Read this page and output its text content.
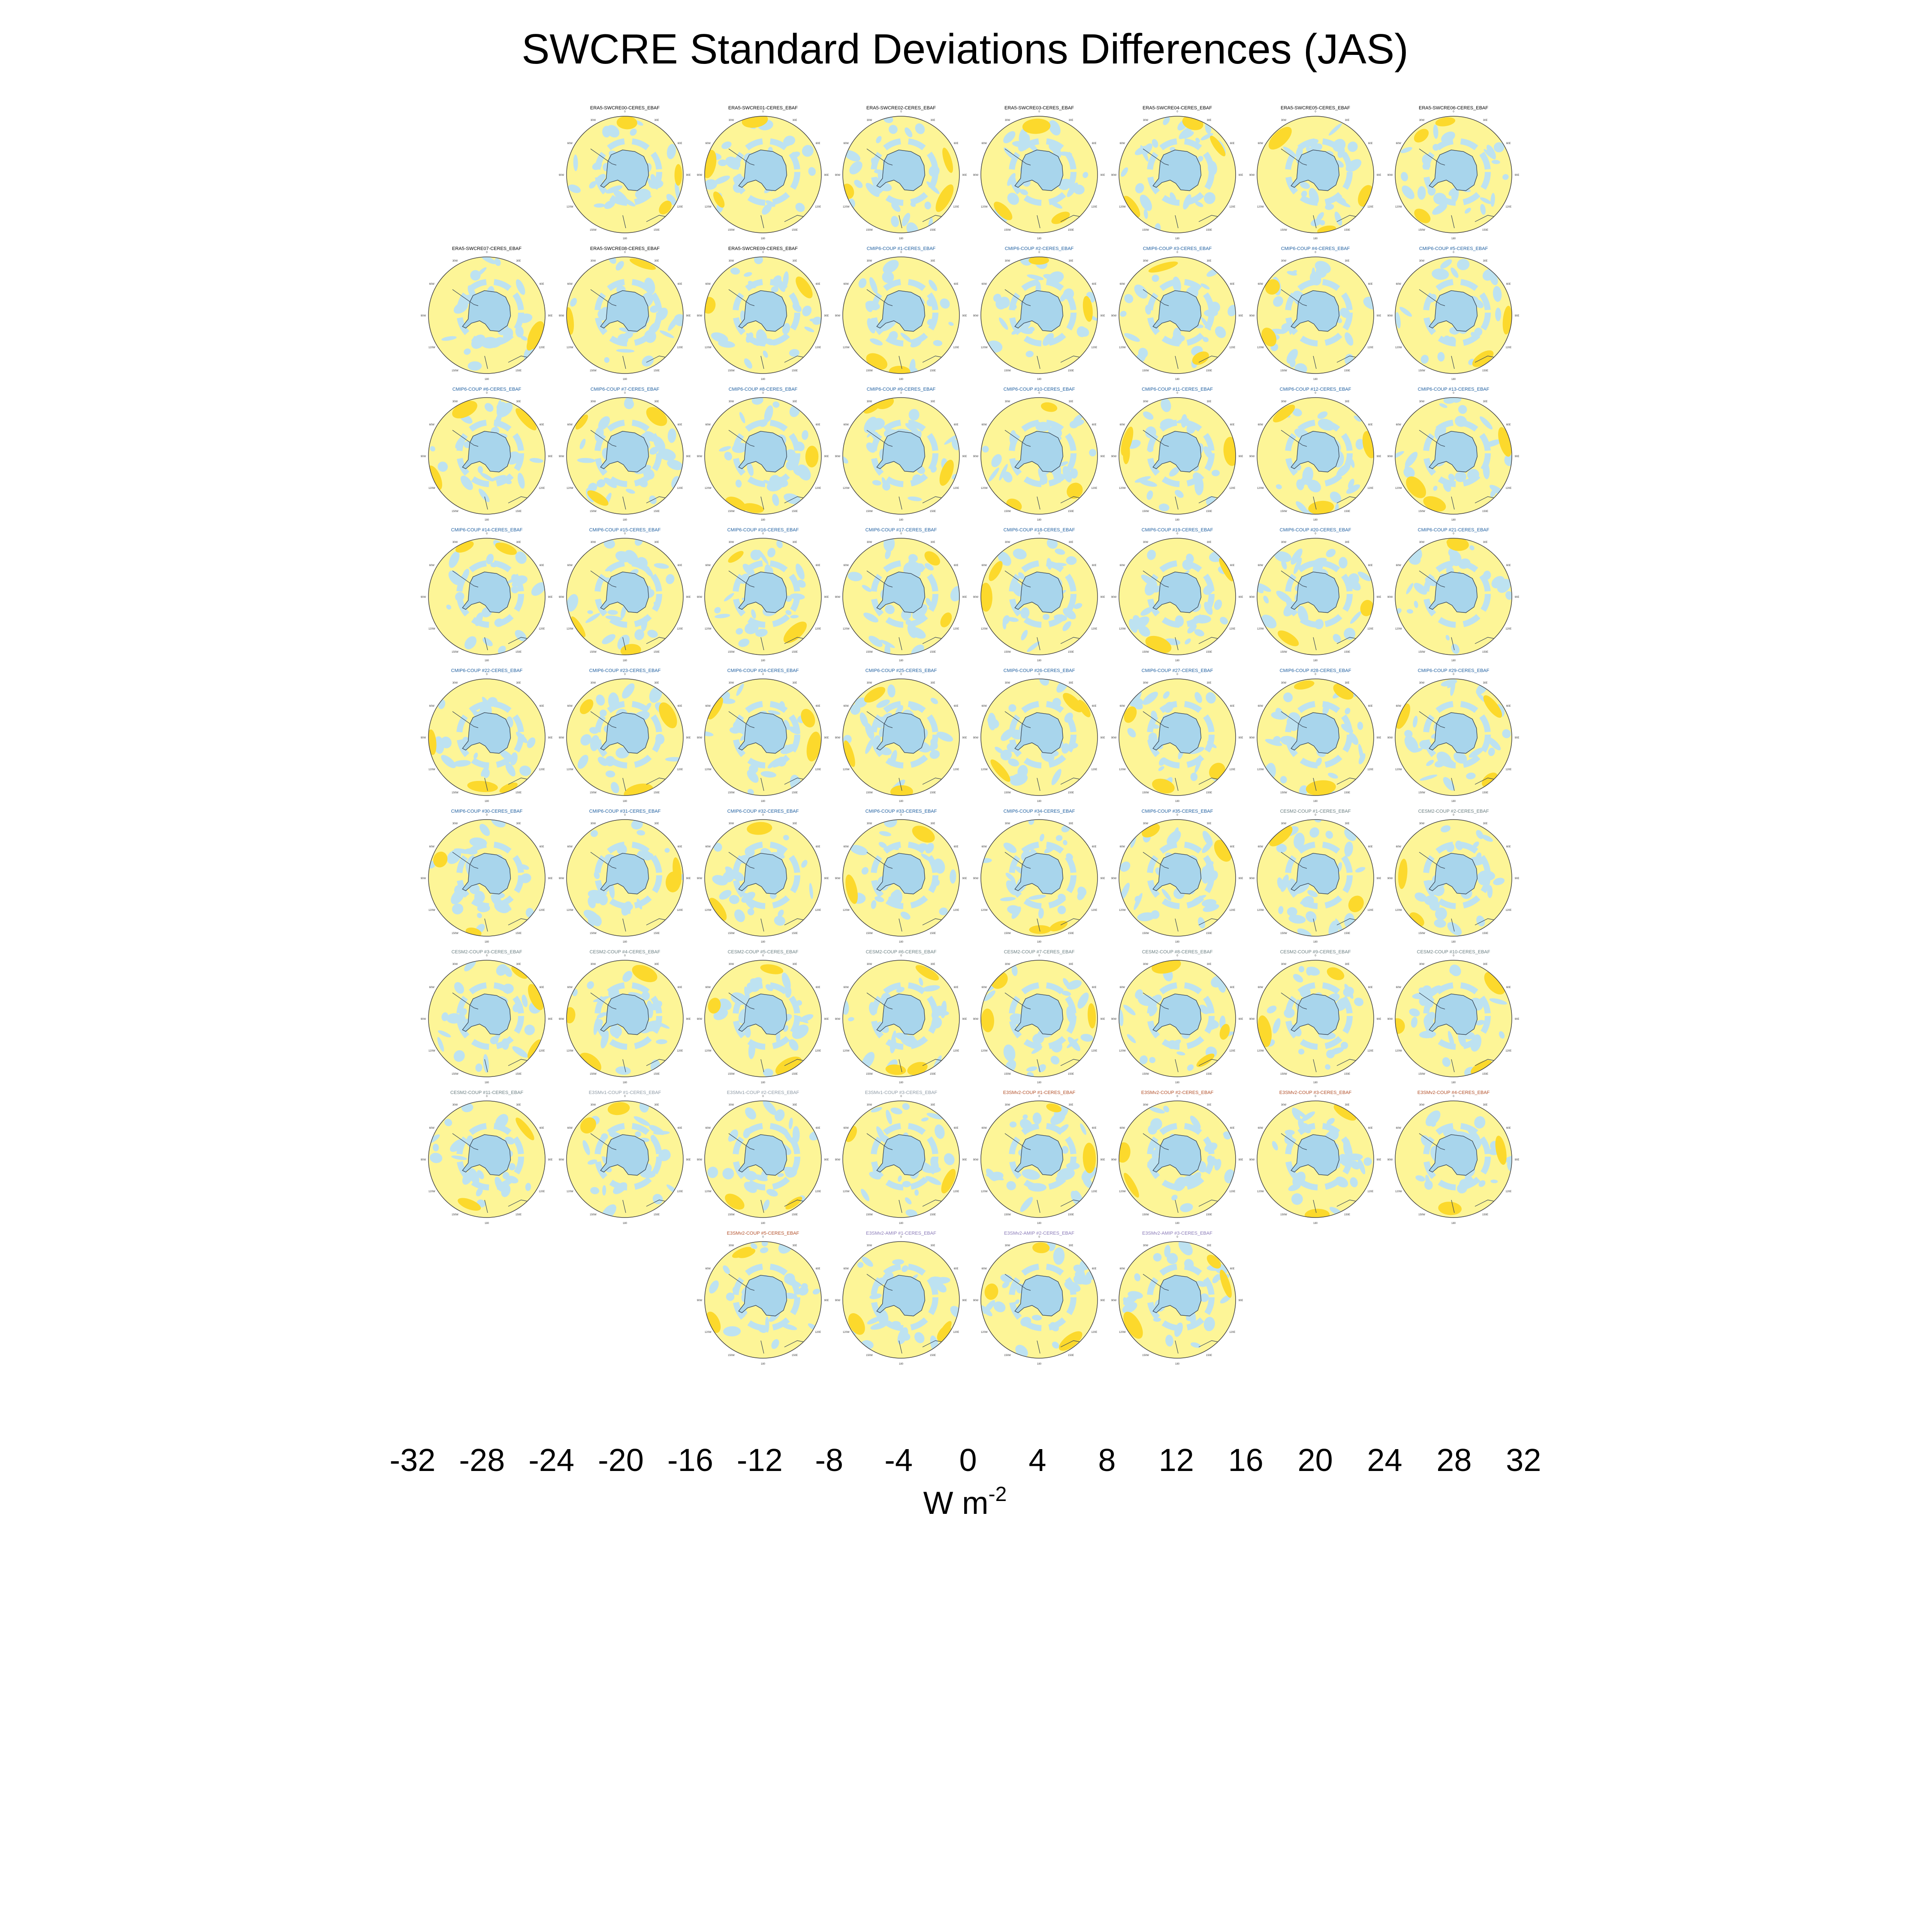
SWCRE Standard Deviations Differences (JAS)
ERA5-SWCRE00-CERES_EBAF
0
30E
60E
90E
120E
150E
180
150W
120W
90W
60W
30W
ERA5-SWCRE01-CERES_EBAF
0
30E
60E
90E
120E
150E
180
150W
120W
90W
60W
30W
ERA5-SWCRE02-CERES_EBAF
0
30E
60E
90E
120E
150E
180
150W
120W
90W
60W
30W
ERA5-SWCRE03-CERES_EBAF
0
30E
60E
90E
120E
150E
180
150W
120W
90W
60W
30W
ERA5-SWCRE04-CERES_EBAF
0
30E
60E
90E
120E
150E
180
150W
120W
90W
60W
30W
ERA5-SWCRE05-CERES_EBAF
0
30E
60E
90E
120E
150E
180
150W
120W
90W
60W
30W
ERA5-SWCRE06-CERES_EBAF
0
30E
60E
90E
120E
150E
180
150W
120W
90W
60W
30W
ERA5-SWCRE07-CERES_EBAF
0
30E
60E
90E
120E
150E
180
150W
120W
90W
60W
30W
ERA5-SWCRE08-CERES_EBAF
0
30E
60E
90E
120E
150E
180
150W
120W
90W
60W
30W
ERA5-SWCRE09-CERES_EBAF
0
30E
60E
90E
120E
150E
180
150W
120W
90W
60W
30W
CMIP6-COUP #1-CERES_EBAF
0
30E
60E
90E
120E
150E
180
150W
120W
90W
60W
30W
CMIP6-COUP #2-CERES_EBAF
0
30E
60E
90E
120E
150E
180
150W
120W
90W
60W
30W
CMIP6-COUP #3-CERES_EBAF
0
30E
60E
90E
120E
150E
180
150W
120W
90W
60W
30W
CMIP6-COUP #4-CERES_EBAF
0
30E
60E
90E
120E
150E
180
150W
120W
90W
60W
30W
CMIP6-COUP #5-CERES_EBAF
0
30E
60E
90E
120E
150E
180
150W
120W
90W
60W
30W
CMIP6-COUP #6-CERES_EBAF
0
30E
60E
90E
120E
150E
180
150W
120W
90W
60W
30W
CMIP6-COUP #7-CERES_EBAF
0
30E
60E
90E
120E
150E
180
150W
120W
90W
60W
30W
CMIP6-COUP #8-CERES_EBAF
0
30E
60E
90E
120E
150E
180
150W
120W
90W
60W
30W
CMIP6-COUP #9-CERES_EBAF
0
30E
60E
90E
120E
150E
180
150W
120W
90W
60W
30W
CMIP6-COUP #10-CERES_EBAF
0
30E
60E
90E
120E
150E
180
150W
120W
90W
60W
30W
CMIP6-COUP #11-CERES_EBAF
0
30E
60E
90E
120E
150E
180
150W
120W
90W
60W
30W
CMIP6-COUP #12-CERES_EBAF
0
30E
60E
90E
120E
150E
180
150W
120W
90W
60W
30W
CMIP6-COUP #13-CERES_EBAF
0
30E
60E
90E
120E
150E
180
150W
120W
90W
60W
30W
CMIP6-COUP #14-CERES_EBAF
0
30E
60E
90E
120E
150E
180
150W
120W
90W
60W
30W
CMIP6-COUP #15-CERES_EBAF
0
30E
60E
90E
120E
150E
180
150W
120W
90W
60W
30W
CMIP6-COUP #16-CERES_EBAF
0
30E
60E
90E
120E
150E
180
150W
120W
90W
60W
30W
CMIP6-COUP #17-CERES_EBAF
0
30E
60E
90E
120E
150E
180
150W
120W
90W
60W
30W
CMIP6-COUP #18-CERES_EBAF
0
30E
60E
90E
120E
150E
180
150W
120W
90W
60W
30W
CMIP6-COUP #19-CERES_EBAF
0
30E
60E
90E
120E
150E
180
150W
120W
90W
60W
30W
CMIP6-COUP #20-CERES_EBAF
0
30E
60E
90E
120E
150E
180
150W
120W
90W
60W
30W
CMIP6-COUP #21-CERES_EBAF
0
30E
60E
90E
120E
150E
180
150W
120W
90W
60W
30W
CMIP6-COUP #22-CERES_EBAF
0
30E
60E
90E
120E
150E
180
150W
120W
90W
60W
30W
CMIP6-COUP #23-CERES_EBAF
0
30E
60E
90E
120E
150E
180
150W
120W
90W
60W
30W
CMIP6-COUP #24-CERES_EBAF
0
30E
60E
90E
120E
150E
180
150W
120W
90W
60W
30W
CMIP6-COUP #25-CERES_EBAF
0
30E
60E
90E
120E
150E
180
150W
120W
90W
60W
30W
CMIP6-COUP #26-CERES_EBAF
0
30E
60E
90E
120E
150E
180
150W
120W
90W
60W
30W
CMIP6-COUP #27-CERES_EBAF
0
30E
60E
90E
120E
150E
180
150W
120W
90W
60W
30W
CMIP6-COUP #28-CERES_EBAF
0
30E
60E
90E
120E
150E
180
150W
120W
90W
60W
30W
CMIP6-COUP #29-CERES_EBAF
0
30E
60E
90E
120E
150E
180
150W
120W
90W
60W
30W
CMIP6-COUP #30-CERES_EBAF
0
30E
60E
90E
120E
150E
180
150W
120W
90W
60W
30W
CMIP6-COUP #31-CERES_EBAF
0
30E
60E
90E
120E
150E
180
150W
120W
90W
60W
30W
CMIP6-COUP #32-CERES_EBAF
0
30E
60E
90E
120E
150E
180
150W
120W
90W
60W
30W
CMIP6-COUP #33-CERES_EBAF
0
30E
60E
90E
120E
150E
180
150W
120W
90W
60W
30W
CMIP6-COUP #34-CERES_EBAF
0
30E
60E
90E
120E
150E
180
150W
120W
90W
60W
30W
CMIP6-COUP #35-CERES_EBAF
0
30E
60E
90E
120E
150E
180
150W
120W
90W
60W
30W
CESM2-COUP #1-CERES_EBAF
0
30E
60E
90E
120E
150E
180
150W
120W
90W
60W
30W
CESM2-COUP #2-CERES_EBAF
0
30E
60E
90E
120E
150E
180
150W
120W
90W
60W
30W
CESM2-COUP #3-CERES_EBAF
0
30E
60E
90E
120E
150E
180
150W
120W
90W
60W
30W
CESM2-COUP #4-CERES_EBAF
0
30E
60E
90E
120E
150E
180
150W
120W
90W
60W
30W
CESM2-COUP #5-CERES_EBAF
0
30E
60E
90E
120E
150E
180
150W
120W
90W
60W
30W
CESM2-COUP #6-CERES_EBAF
0
30E
60E
90E
120E
150E
180
150W
120W
90W
60W
30W
CESM2-COUP #7-CERES_EBAF
0
30E
60E
90E
120E
150E
180
150W
120W
90W
60W
30W
CESM2-COUP #8-CERES_EBAF
0
30E
60E
90E
120E
150E
180
150W
120W
90W
60W
30W
CESM2-COUP #9-CERES_EBAF
0
30E
60E
90E
120E
150E
180
150W
120W
90W
60W
30W
CESM2-COUP #10-CERES_EBAF
0
30E
60E
90E
120E
150E
180
150W
120W
90W
60W
30W
CESM2-COUP #11-CERES_EBAF
0
30E
60E
90E
120E
150E
180
150W
120W
90W
60W
30W
E3SMv1-COUP #1-CERES_EBAF
0
30E
60E
90E
120E
150E
180
150W
120W
90W
60W
30W
E3SMv1-COUP #2-CERES_EBAF
0
30E
60E
90E
120E
150E
180
150W
120W
90W
60W
30W
E3SMv1-COUP #3-CERES_EBAF
0
30E
60E
90E
120E
150E
180
150W
120W
90W
60W
30W
E3SMv2-COUP #1-CERES_EBAF
0
30E
60E
90E
120E
150E
180
150W
120W
90W
60W
30W
E3SMv2-COUP #2-CERES_EBAF
0
30E
60E
90E
120E
150E
180
150W
120W
90W
60W
30W
E3SMv2-COUP #3-CERES_EBAF
0
30E
60E
90E
120E
150E
180
150W
120W
90W
60W
30W
E3SMv2-COUP #4-CERES_EBAF
0
30E
60E
90E
120E
150E
180
150W
120W
90W
60W
30W
E3SMv2-COUP #5-CERES_EBAF
0
30E
60E
90E
120E
150E
180
150W
120W
90W
60W
30W
E3SMv2-AMIP #1-CERES_EBAF
0
30E
60E
90E
120E
150E
180
150W
120W
90W
60W
30W
E3SMv2-AMIP #2-CERES_EBAF
0
30E
60E
90E
120E
150E
180
150W
120W
90W
60W
30W
E3SMv2-AMIP #3-CERES_EBAF
0
30E
60E
90E
120E
150E
180
150W
120W
90W
60W
30W
-32 -28 -24 -20 -16 -12 -8 -4 0 4 8 12 16 20 24 28 32
W $m^{-2}$
